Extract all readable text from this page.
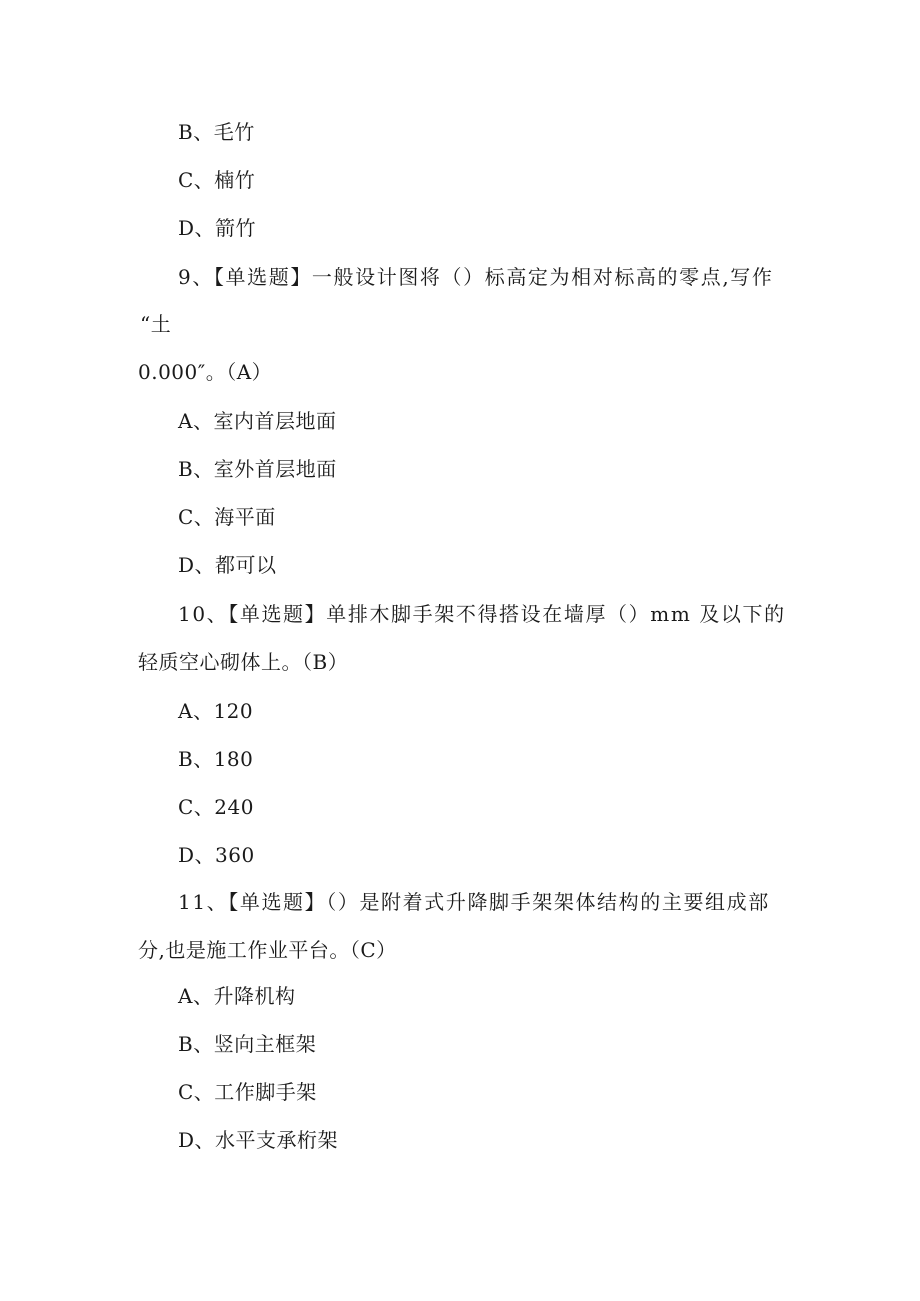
B、毛竹
C、楠竹
D、箭竹
9、【单选题】一般设计图将（）标高定为相对标高的零点,写作
“土
0.000″。（A）
A、室内首层地面
B、室外首层地面
C、海平面
D、都可以
10、【单选题】单排木脚手架不得搭设在墙厚（）mm 及以下的
轻质空心砌体上。（B）
A、120
B、180
C、240
D、360
11、【单选题】（）是附着式升降脚手架架体结构的主要组成部
分,也是施工作业平台。（C）
A、升降机构
B、竖向主框架
C、工作脚手架
D、水平支承桁架
